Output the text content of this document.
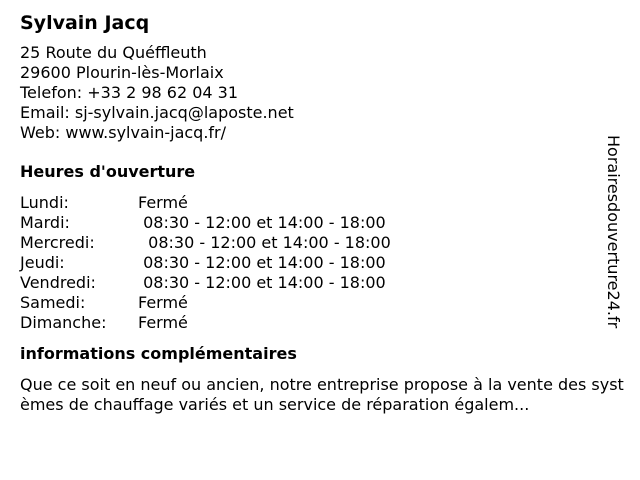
Sylvain Jacq
25 Route du Quéffleuth
29600 Plourin-lès-Morlaix
Telefon: +33 2 98 62 04 31
Email: sj-sylvain.jacq@laposte.net
Web: www.sylvain-jacq.fr/
Heures d'ouverture
Lundi:	Fermé
Mardi:	08:30 - 12:00 et 14:00 - 18:00
Mercredi:	08:30 - 12:00 et 14:00 - 18:00
Jeudi:	08:30 - 12:00 et 14:00 - 18:00
Vendredi:	08:30 - 12:00 et 14:00 - 18:00
Samedi:	Fermé
Dimanche:	Fermé
informations complémentaires
Que ce soit en neuf ou ancien, notre entreprise propose à la vente des systèmes de chauffage variés et un service de réparation égalem...
Horairesdouverture24.fr
